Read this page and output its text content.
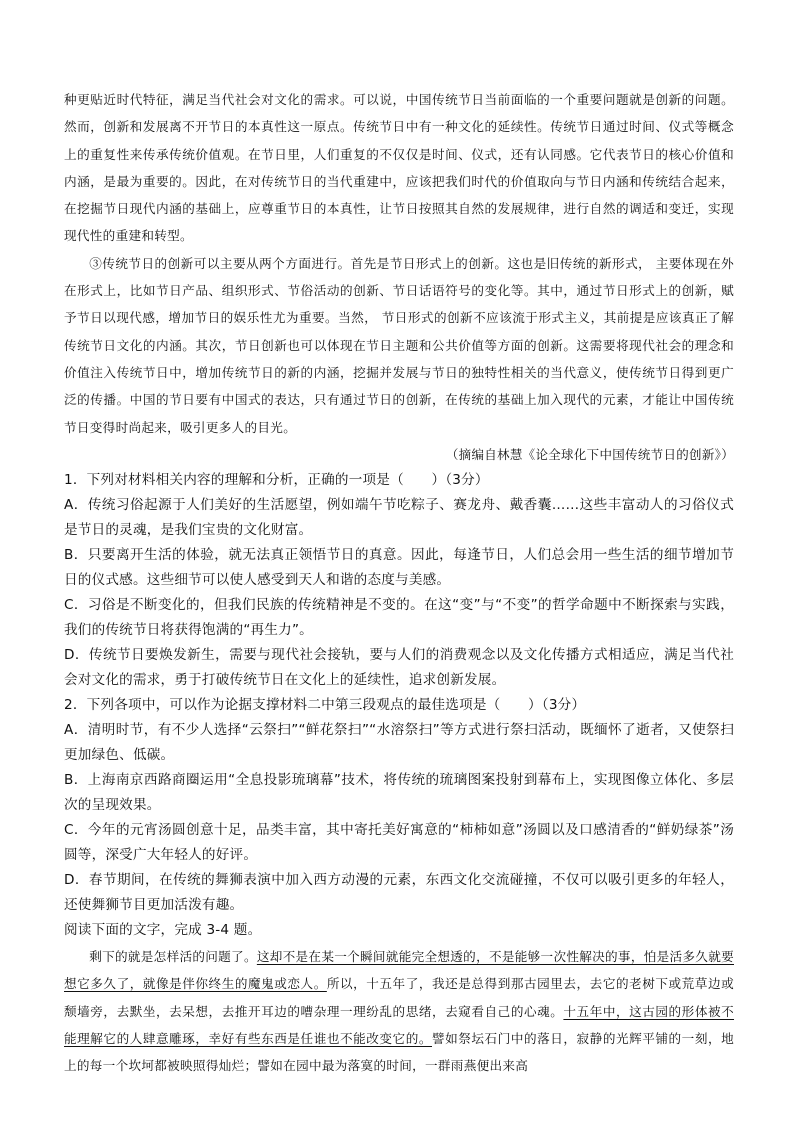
种更贴近时代特征，满足当代社会对文化的需求。可以说，中国传统节日当前面临的一个重要问题就是创新的问题。然而，创新和发展离不开节日的本真性这一原点。传统节日中有一种文化的延续性。传统节日通过时间、仪式等概念上的重复性来传承传统价值观。在节日里，人们重复的不仅仅是时间、仪式，还有认同感。它代表节日的核心价值和内涵，是最为重要的。因此，在对传统节日的当代重建中，应该把我们时代的价值取向与节日内涵和传统结合起来，在挖掘节日现代内涵的基础上，应尊重节日的本真性，让节日按照其自然的发展规律，进行自然的调适和变迁，实现现代性的重建和转型。

③传统节日的创新可以主要从两个方面进行。首先是节日形式上的创新。这也是旧传统的新形式， 主要体现在外在形式上，比如节日产品、组织形式、节俗活动的创新、节日话语符号的变化等。其中，通过节日形式上的创新，赋予节日以现代感，增加节日的娱乐性尤为重要。当然， 节日形式的创新不应该流于形式主义，其前提是应该真正了解传统节日文化的内涵。其次，节日创新也可以体现在节日主题和公共价值等方面的创新。这需要将现代社会的理念和价值注入传统节日中，增加传统节日的新的内涵，挖掘并发展与节日的独特性相关的当代意义，使传统节日得到更广泛的传播。中国的节日要有中国式的表达，只有通过节日的创新，在传统的基础上加入现代的元素，才能让中国传统节日变得时尚起来，吸引更多人的目光。

（摘编自林慧《论全球化下中国传统节日的创新》）

1．下列对材料相关内容的理解和分析，正确的一项是（　　）（3分）

A．传统习俗起源于人们美好的生活愿望，例如端午节吃粽子、赛龙舟、戴香囊……这些丰富动人的习俗仪式是节日的灵魂，是我们宝贵的文化财富。

B．只要离开生活的体验，就无法真正领悟节日的真意。因此，每逢节日，人们总会用一些生活的细节增加节日的仪式感。这些细节可以使人感受到天人和谐的态度与美感。

C．习俗是不断变化的，但我们民族的传统精神是不变的。在这“变”与“不变”的哲学命题中不断探索与实践，我们的传统节日将获得饱满的“再生力”。

D．传统节日要焕发新生，需要与现代社会接轨，要与人们的消费观念以及文化传播方式相适应，满足当代社会对文化的需求，勇于打破传统节日在文化上的延续性，追求创新发展。

2．下列各项中，可以作为论据支撑材料二中第三段观点的最佳选项是（　　）（3分）

A．清明时节，有不少人选择“云祭扫”“鲜花祭扫”“水溶祭扫”等方式进行祭扫活动，既缅怀了逝者，又使祭扫更加绿色、低碳。

B．上海南京西路商圈运用“全息投影琉璃幕”技术，将传统的琉璃图案投射到幕布上，实现图像立体化、多层次的呈现效果。

C．今年的元宵汤圆创意十足，品类丰富，其中寄托美好寓意的“柿柿如意”汤圆以及口感清香的“鲜奶绿茶”汤圆等，深受广大年轻人的好评。

D．春节期间，在传统的舞狮表演中加入西方动漫的元素，东西文化交流碰撞，不仅可以吸引更多的年轻人，还使舞狮节目更加活泼有趣。

阅读下面的文字，完成 3-4 题。

剩下的就是怎样活的问题了。这却不是在某一个瞬间就能完全想透的，不是能够一次性解决的事，怕是活多久就要想它多久了，就像是伴你终生的魔鬼或恋人。所以，十五年了，我还是总得到那古园里去，去它的老树下或荒草边或颓墙旁，去默坐，去呆想，去推开耳边的嘈杂理一理纷乱的思绪，去窥看自己的心魂。十五年中，这古园的形体被不能理解它的人肆意雕琢，幸好有些东西是任谁也不能改变它的。譬如祭坛石门中的落日，寂静的光辉平铺的一刻，地上的每一个坎坷都被映照得灿烂；譬如在园中最为落寞的时间，一群雨燕便出来高
